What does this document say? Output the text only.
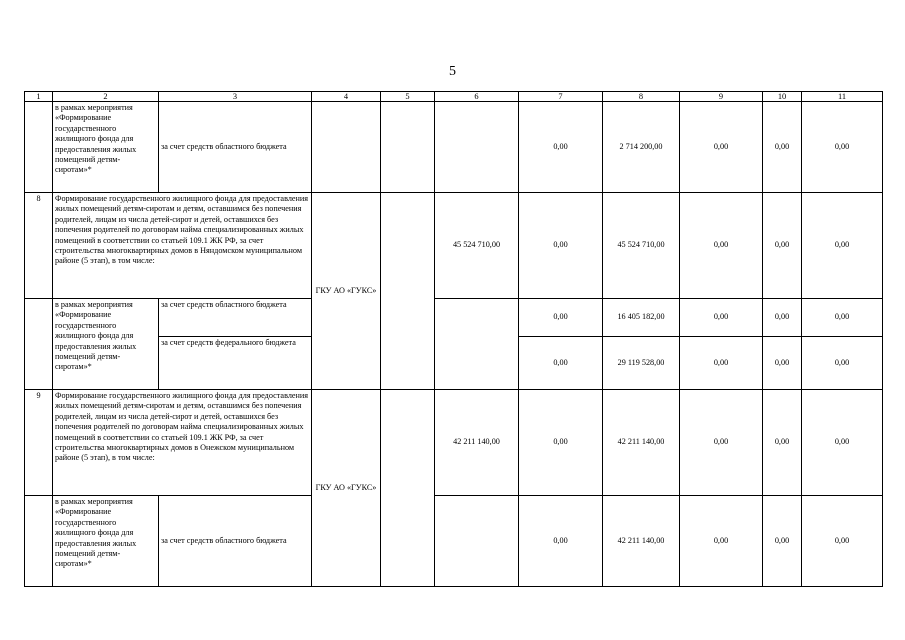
5
1	2	3	4	5	6	7	8	9	10	11
	в рамках мероприятия «Формирование государственного жилищного фонда для предоставления жилых помещений детям-сиротам»*	за счет средств областного бюджета				0,00	2 714 200,00	0,00	0,00	0,00
8	Формирование государственного жилищного фонда для предоставления жилых помещений детям-сиротам и детям, оставшимся без попечения родителей, лицам из числа детей-сирот и детей, оставшихся без попечения родителей по договорам найма специализированных жилых помещений в соответствии со статьей 109.1 ЖК РФ, за счет строительства многоквартирных домов в Няндомском муниципальном районе (5 этап), в том числе:		ГКУ АО «ГУКС»		45 524 710,00	0,00	45 524 710,00	0,00	0,00	0,00
	в рамках мероприятия «Формирование государственного жилищного фонда для предоставления жилых помещений детям-сиротам»*	за счет средств областного бюджета				0,00	16 405 182,00	0,00	0,00	0,00
		за счет средств федерального бюджета				0,00	29 119 528,00	0,00	0,00	0,00
9	Формирование государственного жилищного фонда для предоставления жилых помещений детям-сиротам и детям, оставшимся без попечения родителей, лицам из числа детей-сирот и детей, оставшихся без попечения родителей по договорам найма специализированных жилых помещений в соответствии со статьей 109.1 ЖК РФ, за счет строительства многоквартирных домов в Онежском муниципальном районе (5 этап), в том числе:		ГКУ АО «ГУКС»		42 211 140,00	0,00	42 211 140,00	0,00	0,00	0,00
	в рамках мероприятия «Формирование государственного жилищного фонда для предоставления жилых помещений детям-сиротам»*	за счет средств областного бюджета				0,00	42 211 140,00	0,00	0,00	0,00
